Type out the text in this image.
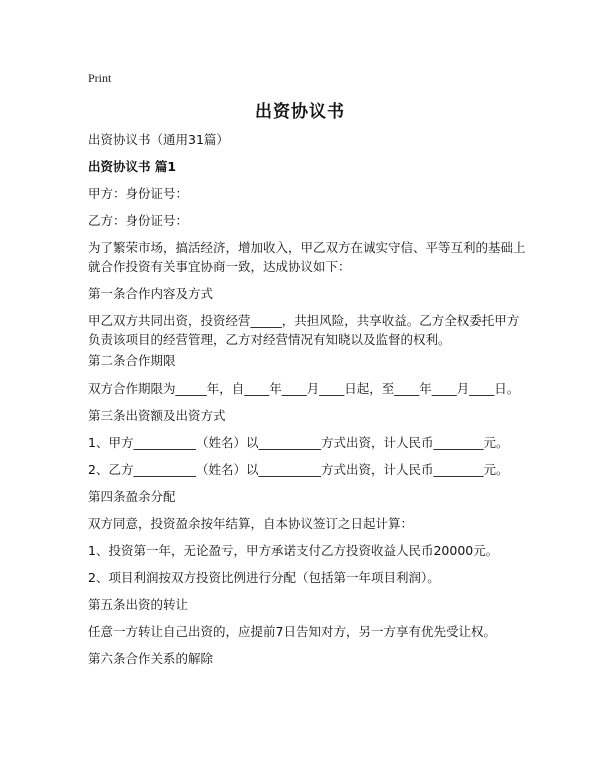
Print
出资协议书
出资协议书（通用31篇）
出资协议书 篇1
甲方：身份证号：
乙方：身份证号：
为了繁荣市场，搞活经济，增加收入，甲乙双方在诚实守信、平等互利的基础上就合作投资有关事宜协商一致，达成协议如下：
第一条合作内容及方式
甲乙双方共同出资，投资经营_____，共担风险，共享收益。乙方全权委托甲方负责该项目的经营管理，乙方对经营情况有知晓以及监督的权利。
第二条合作期限
双方合作期限为_____年，自____年____月____日起，至____年____月____日。
第三条出资额及出资方式
1、甲方__________（姓名）以__________方式出资，计人民币________元。
2、乙方__________（姓名）以__________方式出资，计人民币________元。
第四条盈余分配
双方同意，投资盈余按年结算，自本协议签订之日起计算：
1、投资第一年，无论盈亏，甲方承诺支付乙方投资收益人民币20000元。
2、项目利润按双方投资比例进行分配（包括第一年项目利润）。
第五条出资的转让
任意一方转让自己出资的，应提前7日告知对方，另一方享有优先受让权。
第六条合作关系的解除
